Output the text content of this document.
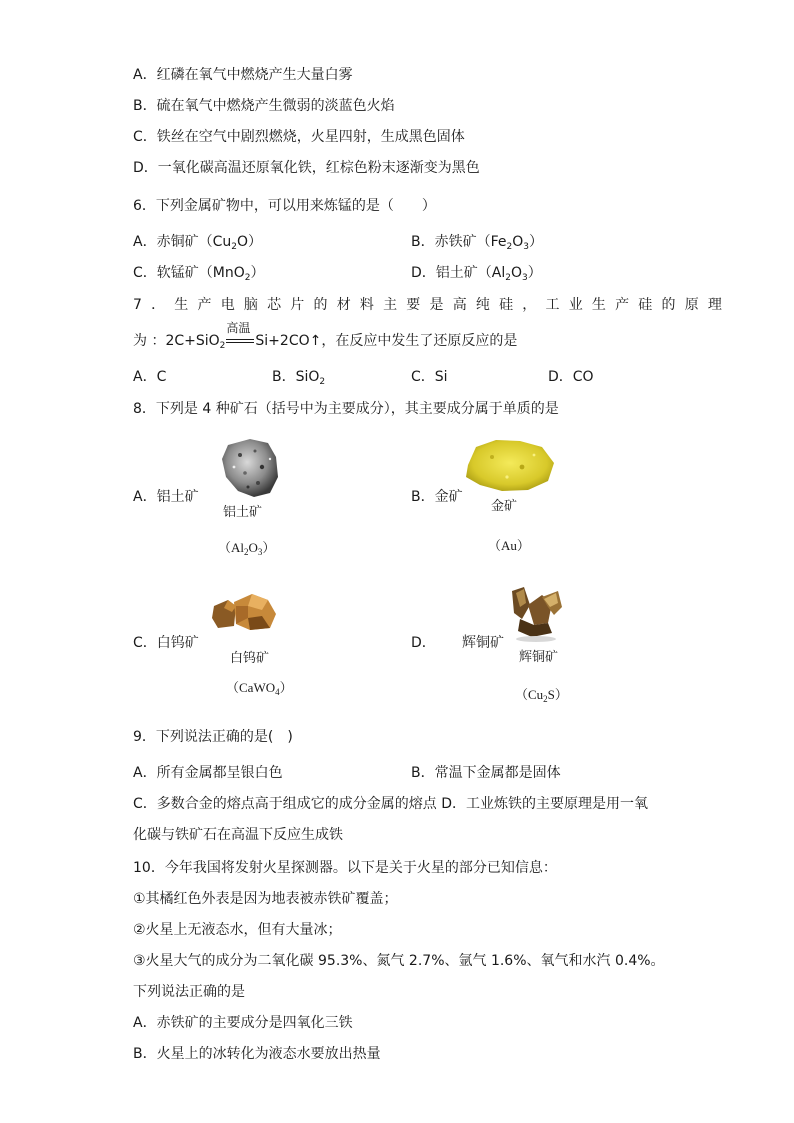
A．红磷在氧气中燃烧产生大量白雾
B．硫在氧气中燃烧产生微弱的淡蓝色火焰
C．铁丝在空气中剧烈燃烧，火星四射，生成黑色固体
D．一氧化碳高温还原氧化铁，红棕色粉末逐渐变为黑色
6．下列金属矿物中，可以用来炼锰的是（　　）
A．赤铜矿$(Cu_2O)$	B．赤铁矿$(Fe_2O_3)$
C．软锰矿（MnO$_2$）	D．铝土矿$(Al_2O_3)$
7．生产电脑芯片的材料主要是高纯硅，工业生产硅的原理
为 ：2C+SiO$_2$
高温
Si+2CO↑，在反应中发生了还原反应的是
A．C	B．SiO$_2$	C．Si	D．CO
8．下列是 4 种矿石（括号中为主要成分），其主要成分属于单质的是
A．铝土矿
铝土矿
$(Al_2O_3)$
B．金矿
金矿
（Au）
C．白钨矿
白钨矿
（CaWO$_4$）
D． 辉铜矿
辉铜矿
$(Cu_2S)$
9．下列说法正确的是(　)
A．所有金属都呈银白色	B．常温下金属都是固体
C．多数合金的熔点高于组成它的成分金属的熔点 D．工业炼铁的主要原理是用一氧
化碳与铁矿石在高温下反应生成铁
10．今年我国将发射火星探测器。以下是关于火星的部分已知信息：
①其橘红色外表是因为地表被赤铁矿覆盖；
②火星上无液态水，但有大量冰；
③火星大气的成分为二氧化碳 95.3%、氮气 2.7%、氩气 1.6%、氧气和水汽 0.4%。
下列说法正确的是
A．赤铁矿的主要成分是四氧化三铁
B．火星上的冰转化为液态水要放出热量
